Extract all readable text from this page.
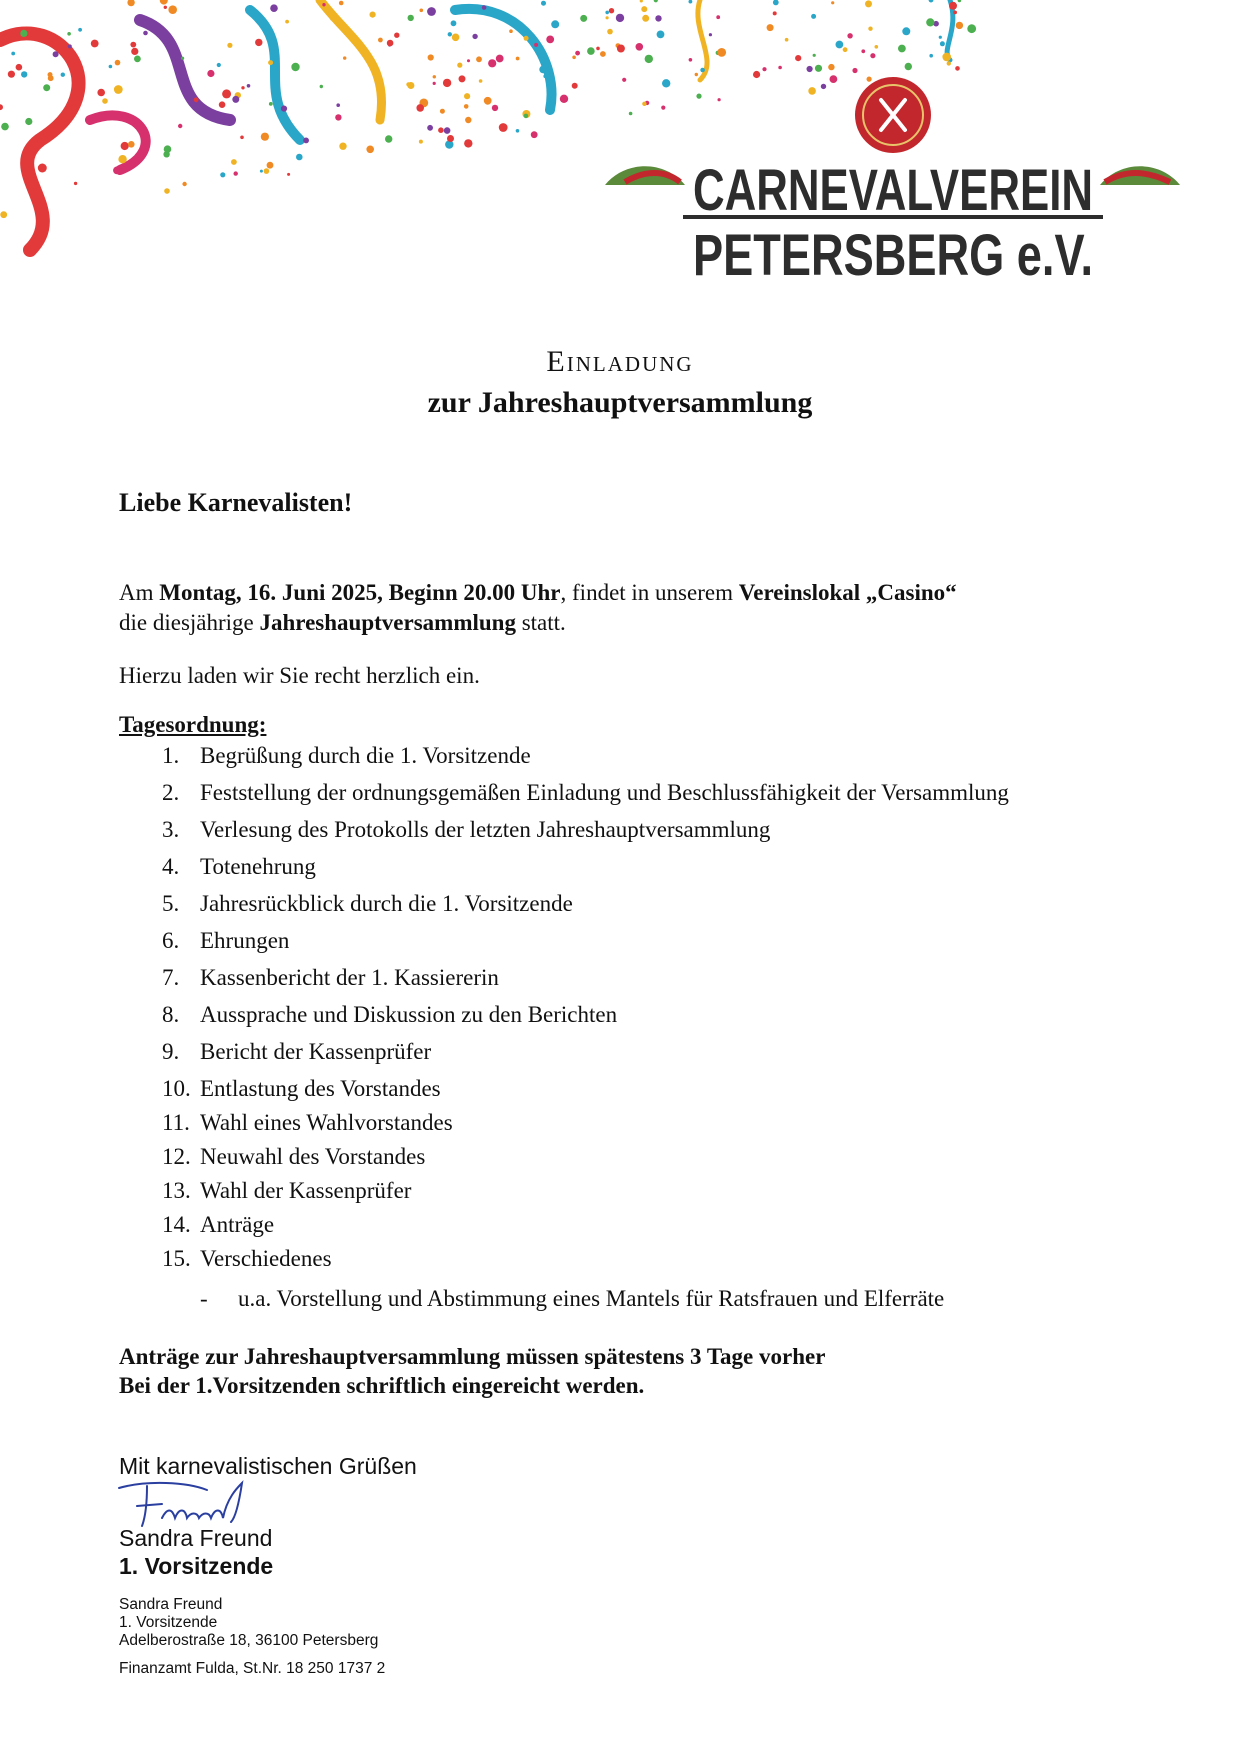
CARNEVALVEREIN
PETERSBERG e.V.
Einladung
zur Jahreshauptversammlung
Liebe Karnevalisten!
Am Montag, 16. Juni 2025, Beginn 20.00 Uhr, findet in unserem Vereinslokal „Casino“
die diesjährige Jahreshauptversammlung statt.
Hierzu laden wir Sie recht herzlich ein.
Tagesordnung:
1. Begrüßung durch die 1. Vorsitzende
2. Feststellung der ordnungsgemäßen Einladung und Beschlussfähigkeit der Versammlung
3. Verlesung des Protokolls der letzten Jahreshauptversammlung
4. Totenehrung
5. Jahresrückblick durch die 1. Vorsitzende
6. Ehrungen
7. Kassenbericht der 1. Kassiererin
8. Aussprache und Diskussion zu den Berichten
9. Bericht der Kassenprüfer
10. Entlastung des Vorstandes
11. Wahl eines Wahlvorstandes
12. Neuwahl des Vorstandes
13. Wahl der Kassenprüfer
14. Anträge
15. Verschiedenes
- u.a. Vorstellung und Abstimmung eines Mantels für Ratsfrauen und Elferräte
Anträge zur Jahreshauptversammlung müssen spätestens 3 Tage vorher
Bei der 1.Vorsitzenden schriftlich eingereicht werden.
Mit karnevalistischen Grüßen
Sandra Freund
1. Vorsitzende
Sandra Freund
1. Vorsitzende
Adelberostraße 18, 36100 Petersberg
Finanzamt Fulda, St.Nr. 18 250 1737 2
